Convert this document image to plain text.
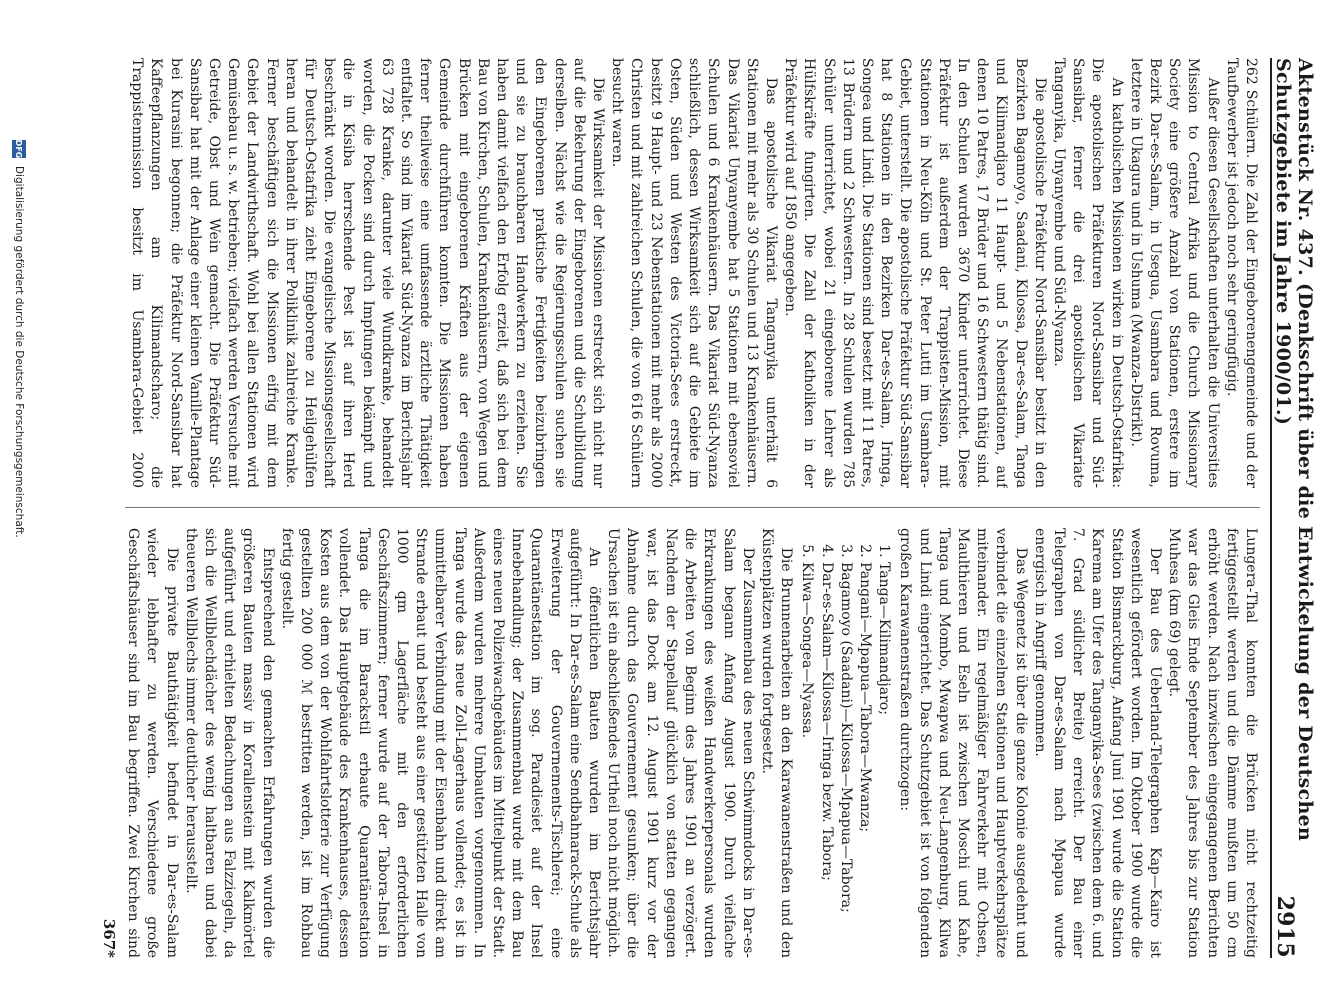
Aktenstück Nr. 437. (Denkschrift über die Entwickelung der Deutschen Schutzgebiete im Jahre 1900/01.)
2915

262 Schülern. Die Zahl der Eingeborenengemeinde und der Taufbewerber ist jedoch noch sehr geringfügig.

Außer diesen Gesellschaften unterhalten die Universities Mission to Central Afrika und die Church Missionary Society eine größere Anzahl von Stationen, erstere im Bezirk Dar-es-Salam, in Usegua, Usambara und Rovuma, letztere in Ukagura und in Ushuma (Mwanza-Distrikt).

An katholischen Missionen wirken in Deutsch-Ostafrika: Die apostolischen Präfekturen Nord-Sansibar und Süd-Sansibar, ferner die drei apostolischen Vikariate Tanganyika, Unyanyembe und Süd-Nyanza.

Die apostolische Präfektur Nord-Sansibar besitzt in den Bezirken Bagamoyo, Saadani, Kilossa, Dar-es-Salam, Tanga und Kilimandjaro 11 Haupt- und 5 Nebenstationen, auf denen 10 Patres, 17 Brüder und 16 Schwestern thätig sind. In den Schulen wurden 3670 Kinder unterrichtet. Diese Präfektur ist außerdem der Trappisten-Mission, mit Stationen in Neu-Köln und St. Peter Lutti im Usambara-Gebiet, unterstellt. Die apostolische Präfektur Süd-Sansibar hat 8 Stationen in den Bezirken Dar-es-Salam, Iringa, Songea und Lindi. Die Stationen sind besetzt mit 11 Patres, 13 Brüdern und 2 Schwestern. In 28 Schulen wurden 785 Schüler unterrichtet, wobei 21 eingeborene Lehrer als Hülfskräfte fungirten. Die Zahl der Katholiken in der Präfektur wird auf 1850 angegeben.

Das apostolische Vikariat Tanganyika unterhält 6 Stationen mit mehr als 30 Schulen und 13 Krankenhäusern. Das Vikariat Unyanyembe hat 5 Stationen mit ebensoviel Schulen und 6 Krankenhäusern. Das Vikariat Süd-Nyanza schließlich, dessen Wirksamkeit sich auf die Gebiete im Osten, Süden und Westen des Victoria-Sees erstreckt, besitzt 9 Haupt- und 23 Nebenstationen mit mehr als 2000 Christen und mit zahlreichen Schulen, die von 616 Schülern besucht waren.

Die Wirksamkeit der Missionen erstreckt sich nicht nur auf die Bekehrung der Eingeborenen und die Schulbildung derselben. Nächst wie die Regierungsschulen suchen sie den Eingeborenen praktische Fertigkeiten beizubringen und sie zu brauchbaren Handwerkern zu erziehen. Sie haben damit vielfach den Erfolg erzielt, daß sich bei dem Bau von Kirchen, Schulen, Krankenhäusern, von Wegen und Brücken mit eingeborenen Kräften aus der eigenen Gemeinde durchführen konnten. Die Missionen haben ferner theilweise eine umfassende ärztliche Thätigkeit entfaltet. So sind im Vikariat Süd-Nyanza im Berichtsjahr 63 728 Kranke, darunter viele Wundkranke, behandelt worden, die Pocken sind durch Impfungen bekämpft und die in Kisiba herrschende Pest ist auf ihren Herd beschränkt worden. Die evangelische Missionsgesellschaft für Deutsch-Ostafrika zieht Eingeborene zu Heilgehülfen heran und behandelt in ihrer Poliklinik zahlreiche Kranke. Ferner beschäftigen sich die Missionen eifrig mit dem Gebiet der Landwirthschaft. Wohl bei allen Stationen wird Gemüsebau u. s. w. betrieben; vielfach werden Versuche mit Getreide, Obst und Wein gemacht. Die Präfektur Süd-Sansibar hat mit der Anlage einer kleinen Vanille-Plantage bei Kurasini begonnen; die Präfektur Nord-Sansibar hat Kaffeepflanzungen am Kilimandscharo; die Trappistenmission besitzt im Usambara-Gebiet 2000

Lungera-Thal konnten die Brücken nicht rechtzeitig fertiggestellt werden und die Dämme mußten um 50 cm erhöht werden. Nach inzwischen eingegangenen Berichten war das Gleis Ende September des Jahres bis zur Station Muhesa (km 69) gelegt.

Der Bau des Ueberland-Telegraphen Kap—Kairo ist wesentlich gefördert worden. Im Oktober 1900 wurde die Station Bismarckburg, Anfang Juni 1901 wurde die Station Karema am Ufer des Tanganyika-Sees (zwischen dem 6. und 7. Grad südlicher Breite) erreicht. Der Bau einer Telegraphen von Dar-es-Salam nach Mpapua wurde energisch in Angriff genommen.

Das Wegenetz ist über die ganze Kolonie ausgedehnt und verbindet die einzelnen Stationen und Hauptverkehrsplätze miteinander. Ein regelmäßiger Fahrverkehr mit Ochsen, Maulthieren und Eseln ist zwischen Moschi und Kahe, Tanga und Mombo, Mwapwa und Neu-Langenburg, Kilwa und Lindi eingerichtet. Das Schutzgebiet ist von folgenden großen Karawanenstraßen durchzogen:

1. Tanga—Kilimandjaro;
2. Pangani—Mpapua—Tabora—Mwanza;
3. Bagamoyo (Saadani)—Kilossa—Mpapua—Tabora;
4. Dar-es-Salam—Kilossa—Iringa bezw. Tabora;
5. Kilwa—Songea—Nyassa.

Die Brunnenarbeiten an den Karawanenstraßen und den Küstenplätzen wurden fortgesetzt.

Der Zusammenbau des neuen Schwimmdocks in Dar-es-Salam begann Anfang August 1900. Durch vielfache Erkrankungen des weißen Handwerkerpersonals wurden die Arbeiten von Beginn des Jahres 1901 an verzögert. Nachdem der Stapellauf glücklich von statten gegangen war, ist das Dock am 12. August 1901 kurz vor der Abnahme durch das Gouvernement gesunken; über die Ursachen ist ein abschließendes Urtheil noch nicht möglich.

An öffentlichen Bauten wurden im Berichtsjahr aufgeführt: In Dar-es-Salam eine Sendbahnarack-Schule als Erweiterung der Gouvernements-Tischlerei; eine Quarantänestation im sog. Paradiesiet auf der Insel Innebehandlung; der Zusammenbau wurde mit dem Bau eines neuen Polizeiwachgebäudes im Mittelpunkt der Stadt. Außerdem wurden mehrere Umbauten vorgenommen. In Tanga wurde das neue Zoll-Lagerhaus vollendet; es ist in unmittelbarer Verbindung mit der Eisenbahn und direkt am Strande erbaut und besteht aus einer gestützten Halle von 1000 qm Lagerfläche mit den erforderlichen Geschäftszimmern; ferner wurde auf der Tabora-Insel in Tanga die im Barackstil erbaute Quarantänestation vollendet. Das Hauptgebäude des Krankenhauses, dessen Kosten aus dem von der Wohlfahrtslotterie zur Verfügung gestellten 200 000 ℳ bestritten werden, ist im Rohbau fertig gestellt.

Entsprechend den gemachten Erfahrungen wurden die größeren Bauten massiv in Korallenstein mit Kalkmörtel aufgeführt und erhielten Bedachungen aus Falzziegeln, da sich die Wellblechdächer des wenig haltbaren und dabei theueren Wellblechs immer deutlicher herausstellt.

Die private Bauthätigkeit befindet in Dar-es-Salam wieder lebhafter zu werden. Verschiedene große Geschäftshäuser sind im Bau begriffen. Zwei Kirchen sind

367*
DFG
Digitalisierung gefördert durch die Deutsche Forschungsgemeinschaft.
